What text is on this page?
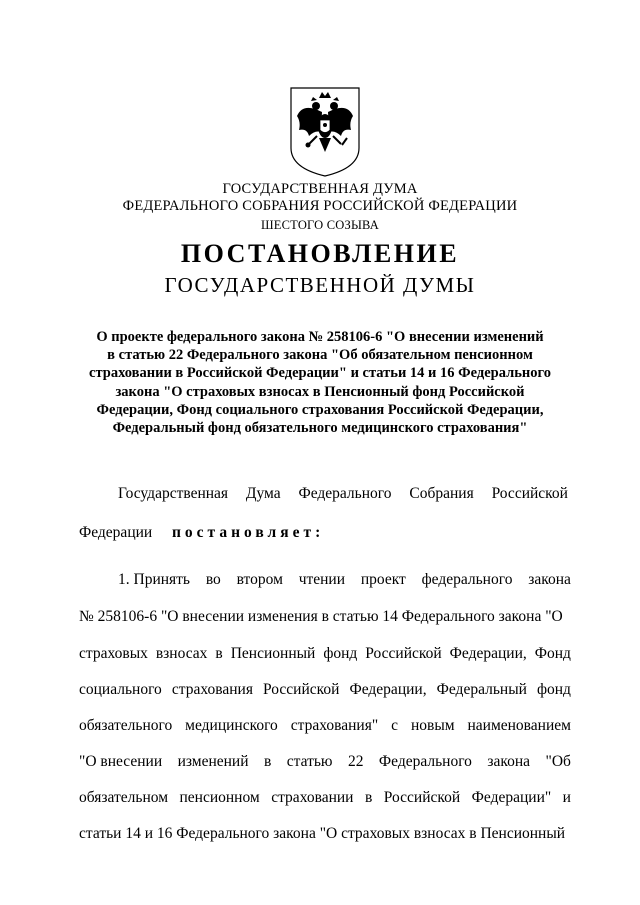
ГОСУДАРСТВЕННАЯ ДУМА
ФЕДЕРАЛЬНОГО СОБРАНИЯ РОССИЙСКОЙ ФЕДЕРАЦИИ
ШЕСТОГО СОЗЫВА
ПОСТАНОВЛЕНИЕ
ГОСУДАРСТВЕННОЙ ДУМЫ
О проекте федерального закона № 258106-6 "О внесении изменений
в статью 22 Федерального закона "Об обязательном пенсионном
страховании в Российской Федерации" и статьи 14 и 16 Федерального
закона "О страховых взносах в Пенсионный фонд Российской
Федерации, Фонд социального страхования Российской Федерации,
Федеральный фонд обязательного медицинского страхования"
Государственная Дума Федерального Собрания Российской
Федерации постановляет:
1. Принять во втором чтении проект федерального закона
№ 258106-6 "О внесении изменения в статью 14 Федерального закона "О
страховых взносах в Пенсионный фонд Российской Федерации, Фонд
социального страхования Российской Федерации, Федеральный фонд
обязательного медицинского страхования" с новым наименованием
"О внесении изменений в статью 22 Федерального закона "Об
обязательном пенсионном страховании в Российской Федерации" и
статьи 14 и 16 Федерального закона "О страховых взносах в Пенсионный
